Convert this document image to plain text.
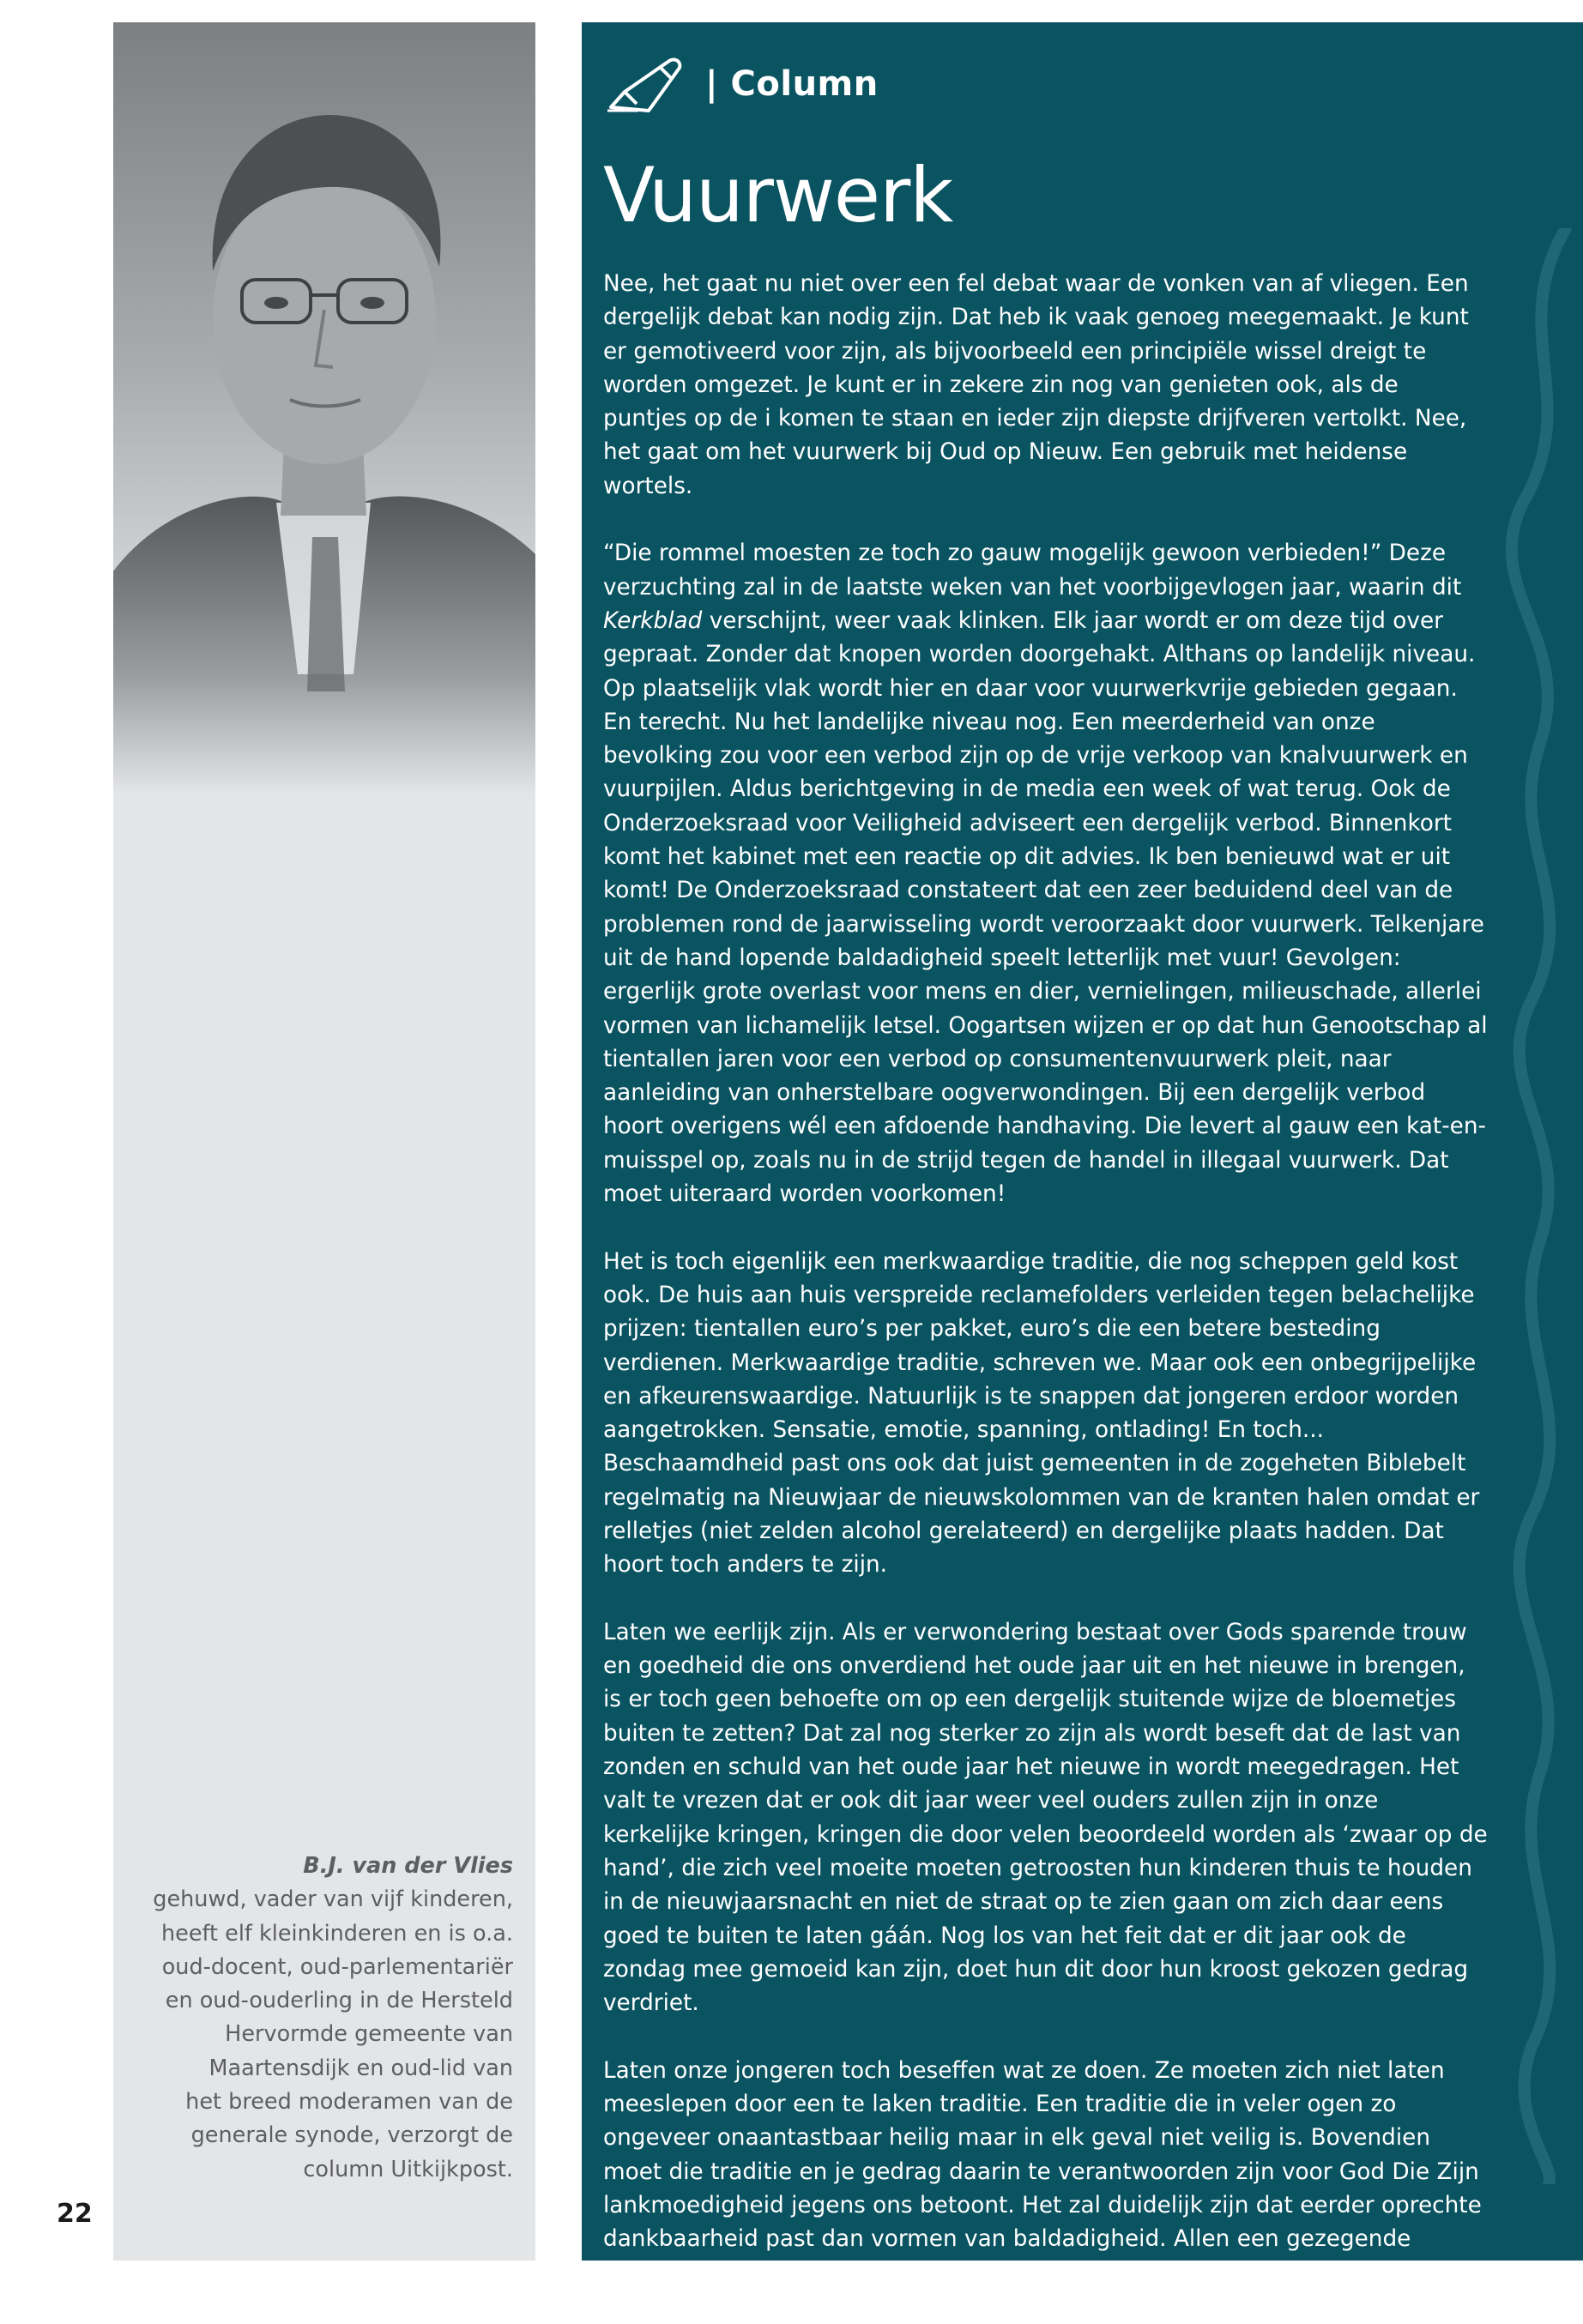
B.J. van der Vlies
gehuwd, vader van vijf kinderen,
heeft elf kleinkinderen en is o.a.
oud-docent, oud-parlementariër
en oud-ouderling in de Hersteld
Hervormde gemeente van
Maartensdijk en oud-lid van
het breed moderamen van de
generale synode, verzorgt de
column Uitkijkpost.
22
| Column
Vuurwerk

Nee, het gaat nu niet over een fel debat waar de vonken van af vliegen. Een dergelijk debat kan nodig zijn. Dat heb ik vaak genoeg meegemaakt. Je kunt er gemotiveerd voor zijn, als bijvoorbeeld een principiële wissel dreigt te worden omgezet. Je kunt er in zekere zin nog van genieten ook, als de puntjes op de i komen te staan en ieder zijn diepste drijfveren vertolkt. Nee, het gaat om het vuurwerk bij Oud op Nieuw. Een gebruik met heidense wortels.

“Die rommel moesten ze toch zo gauw mogelijk gewoon verbieden!” Deze verzuchting zal in de laatste weken van het voorbijgevlogen jaar, waarin dit Kerkblad verschijnt, weer vaak klinken. Elk jaar wordt er om deze tijd over gepraat. Zonder dat knopen worden doorgehakt. Althans op landelijk niveau. Op plaatselijk vlak wordt hier en daar voor vuurwerkvrije gebieden gegaan. En terecht. Nu het landelijke niveau nog. Een meerderheid van onze bevolking zou voor een verbod zijn op de vrije verkoop van knalvuurwerk en vuurpijlen. Aldus berichtgeving in de media een week of wat terug. Ook de Onderzoeksraad voor Veiligheid adviseert een dergelijk verbod. Binnenkort komt het kabinet met een reactie op dit advies. Ik ben benieuwd wat er uit komt! De Onderzoeksraad constateert dat een zeer beduidend deel van de problemen rond de jaarwisseling wordt veroorzaakt door vuurwerk. Telkenjare uit de hand lopende baldadigheid speelt letterlijk met vuur! Gevolgen: ergerlijk grote overlast voor mens en dier, vernielingen, milieuschade, allerlei vormen van lichamelijk letsel. Oogartsen wijzen er op dat hun Genootschap al tientallen jaren voor een verbod op consumentenvuurwerk pleit, naar aanleiding van onherstelbare oogverwondingen. Bij een dergelijk verbod hoort overigens wél een afdoende handhaving. Die levert al gauw een kat-en-muisspel op, zoals nu in de strijd tegen de handel in illegaal vuurwerk. Dat moet uiteraard worden voorkomen!

Het is toch eigenlijk een merkwaardige traditie, die nog scheppen geld kost ook. De huis aan huis verspreide reclamefolders verleiden tegen belachelijke prijzen: tientallen euro’s per pakket, euro’s die een betere besteding verdienen. Merkwaardige traditie, schreven we. Maar ook een onbegrijpelijke en afkeurenswaardige. Natuurlijk is te snappen dat jongeren erdoor worden aangetrokken. Sensatie, emotie, spanning, ontlading! En toch... Beschaamdheid past ons ook dat juist gemeenten in de zogeheten Biblebelt regelmatig na Nieuwjaar de nieuwskolommen van de kranten halen omdat er relletjes (niet zelden alcohol gerelateerd) en dergelijke plaats hadden. Dat hoort toch anders te zijn.

Laten we eerlijk zijn. Als er verwondering bestaat over Gods sparende trouw en goedheid die ons onverdiend het oude jaar uit en het nieuwe in brengen, is er toch geen behoefte om op een dergelijk stuitende wijze de bloemetjes buiten te zetten? Dat zal nog sterker zo zijn als wordt beseft dat de last van zonden en schuld van het oude jaar het nieuwe in wordt meegedragen. Het valt te vrezen dat er ook dit jaar weer veel ouders zullen zijn in onze kerkelijke kringen, kringen die door velen beoordeeld worden als ‘zwaar op de hand’, die zich veel moeite moeten getroosten hun kinderen thuis te houden in de nieuwjaarsnacht en niet de straat op te zien gaan om zich daar eens goed te buiten te laten gáán. Nog los van het feit dat er dit jaar ook de zondag mee gemoeid kan zijn, doet hun dit door hun kroost gekozen gedrag verdriet.

Laten onze jongeren toch beseffen wat ze doen. Ze moeten zich niet laten meeslepen door een te laken traditie. Een traditie die in veler ogen zo ongeveer onaantastbaar heilig maar in elk geval niet veilig is. Bovendien moet die traditie en je gedrag daarin te verantwoorden zijn voor God Die Zijn lankmoedigheid jegens ons betoont. Het zal duidelijk zijn dat eerder oprechte dankbaarheid past dan vormen van baldadigheid. Allen een gezegende jaarwisseling toegewenst!
